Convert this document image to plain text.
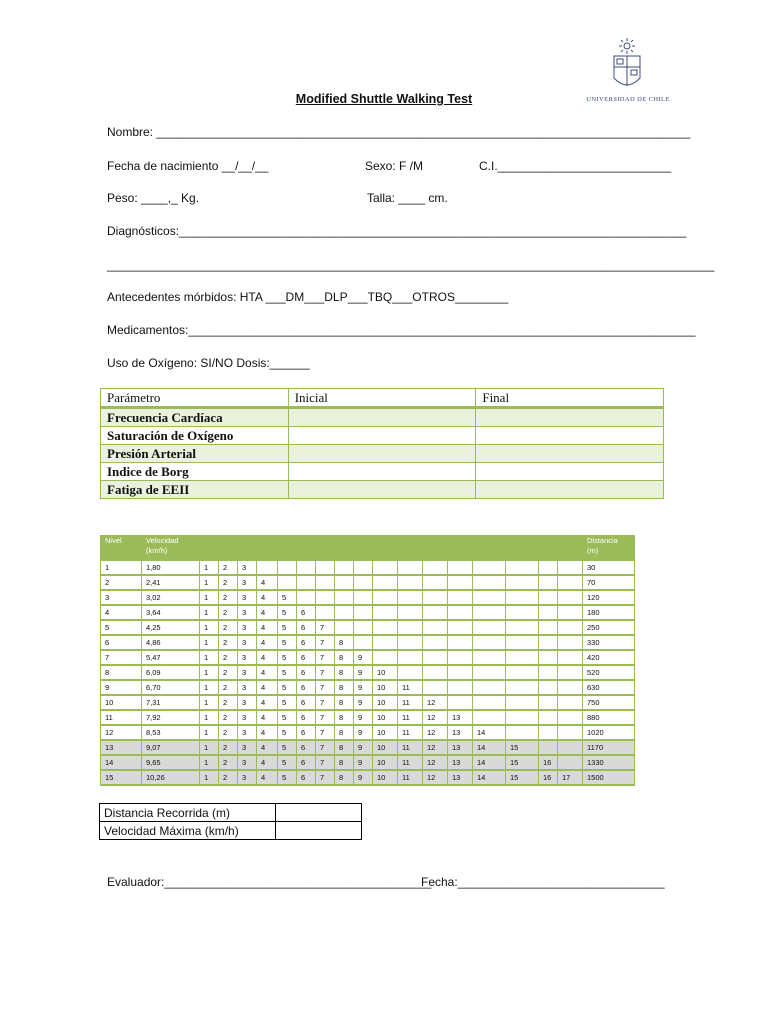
UNIVERSIDAD DE CHILE
Modified Shuttle Walking Test
Nombre: ________________________________________________________________________________
Fecha de nacimiento __/__/__	Sexo: F /M	C.I.__________________________
Peso: ____,_ Kg.	Talla: ____ cm.
Diagnósticos:____________________________________________________________________________
___________________________________________________________________________________________
Antecedentes mórbidos: HTA ___DM___DLP___TBQ___OTROS________
Medicamentos:____________________________________________________________________________
Uso de Oxígeno: SI/NO Dosis:______
Parámetro	Inicial	Final
Frecuencia Cardíaca		
Saturación de Oxígeno		
Presión Arterial		
Indice de Borg		
Fatiga de EEII		
Nivel	Velocidad (km/h)																		Distancia (m)
1	1,80	1	2	3															30
2	2,41	1	2	3	4														70
3	3,02	1	2	3	4	5													120
4	3,64	1	2	3	4	5	6												180
5	4,25	1	2	3	4	5	6	7											250
6	4,86	1	2	3	4	5	6	7	8										330
7	5,47	1	2	3	4	5	6	7	8	9									420
8	6,09	1	2	3	4	5	6	7	8	9	10								520
9	6,70	1	2	3	4	5	6	7	8	9	10	11							630
10	7,31	1	2	3	4	5	6	7	8	9	10	11	12						750
11	7,92	1	2	3	4	5	6	7	8	9	10	11	12	13					880
12	8,53	1	2	3	4	5	6	7	8	9	10	11	12	13	14				1020
13	9,07	1	2	3	4	5	6	7	8	9	10	11	12	13	14	15			1170
14	9,65	1	2	3	4	5	6	7	8	9	10	11	12	13	14	15	16		1330
15	10,26	1	2	3	4	5	6	7	8	9	10	11	12	13	14	15	16	17	1500
Distancia Recorrida (m)	
Velocidad Máxima (km/h)	
Evaluador:________________________________________
Fecha:_______________________________
